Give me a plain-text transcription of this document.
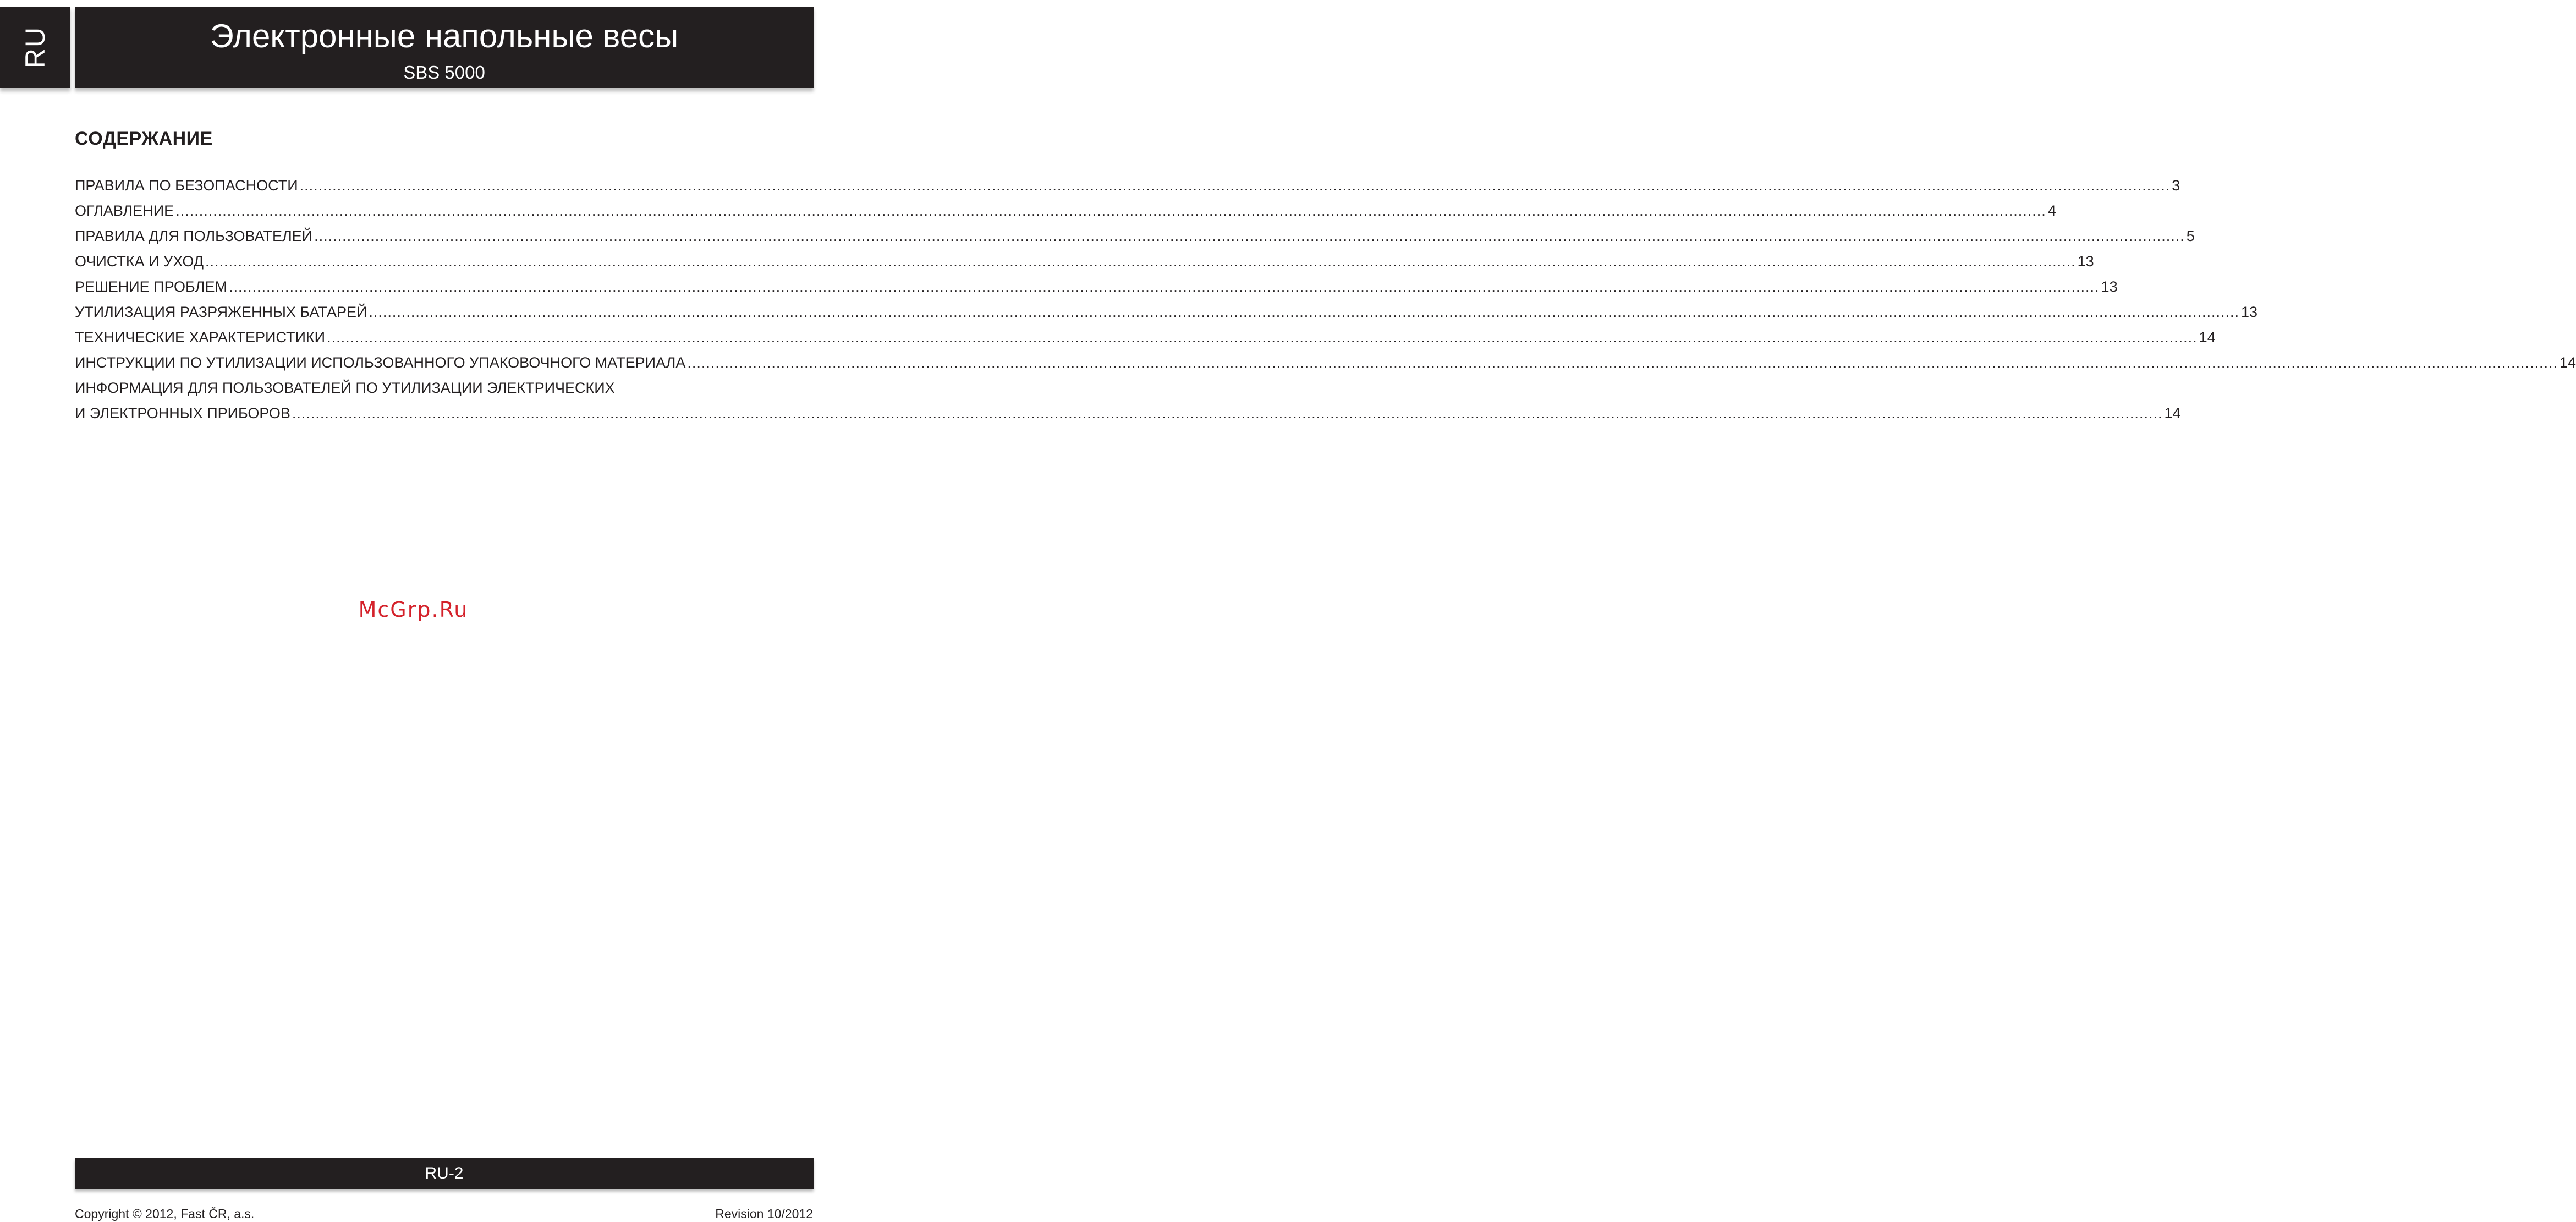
RU	Электронные напольные весы
SBS 5000
СОДЕРЖАНИЕ
ПРАВИЛА ПО БЕЗОПАСНОСТИ ................................................................................................................................................................................................................................................................................................................................................................................................................ 3
ОГЛАВЛЕНИЕ ................................................................................................................................................................................................................................................................................................................................................................................................................ 4
ПРАВИЛА ДЛЯ ПОЛЬЗОВАТЕЛЕЙ ................................................................................................................................................................................................................................................................................................................................................................................................................ 5
ОЧИСТКА И УХОД ................................................................................................................................................................................................................................................................................................................................................................................................................ 13
РЕШЕНИЕ ПРОБЛЕМ ................................................................................................................................................................................................................................................................................................................................................................................................................ 13
УТИЛИЗАЦИЯ РАЗРЯЖЕННЫХ БАТАРЕЙ ................................................................................................................................................................................................................................................................................................................................................................................................................ 13
ТЕХНИЧЕСКИЕ ХАРАКТЕРИСТИКИ ................................................................................................................................................................................................................................................................................................................................................................................................................ 14
ИНСТРУКЦИИ ПО УТИЛИЗАЦИИ ИСПОЛЬЗОВАННОГО УПАКОВОЧНОГО МАТЕРИАЛА ................................................................................................................................................................................................................................................................................................................................................................................................................ 14
ИНФОРМАЦИЯ ДЛЯ ПОЛЬЗОВАТЕЛЕЙ ПО УТИЛИЗАЦИИ ЭЛЕКТРИЧЕСКИХ
И ЭЛЕКТРОННЫХ ПРИБОРОВ ................................................................................................................................................................................................................................................................................................................................................................................................................ 14
McGrp.Ru
RU-2
Copyright © 2012, Fast ČR, a.s.	Revision 10/2012
